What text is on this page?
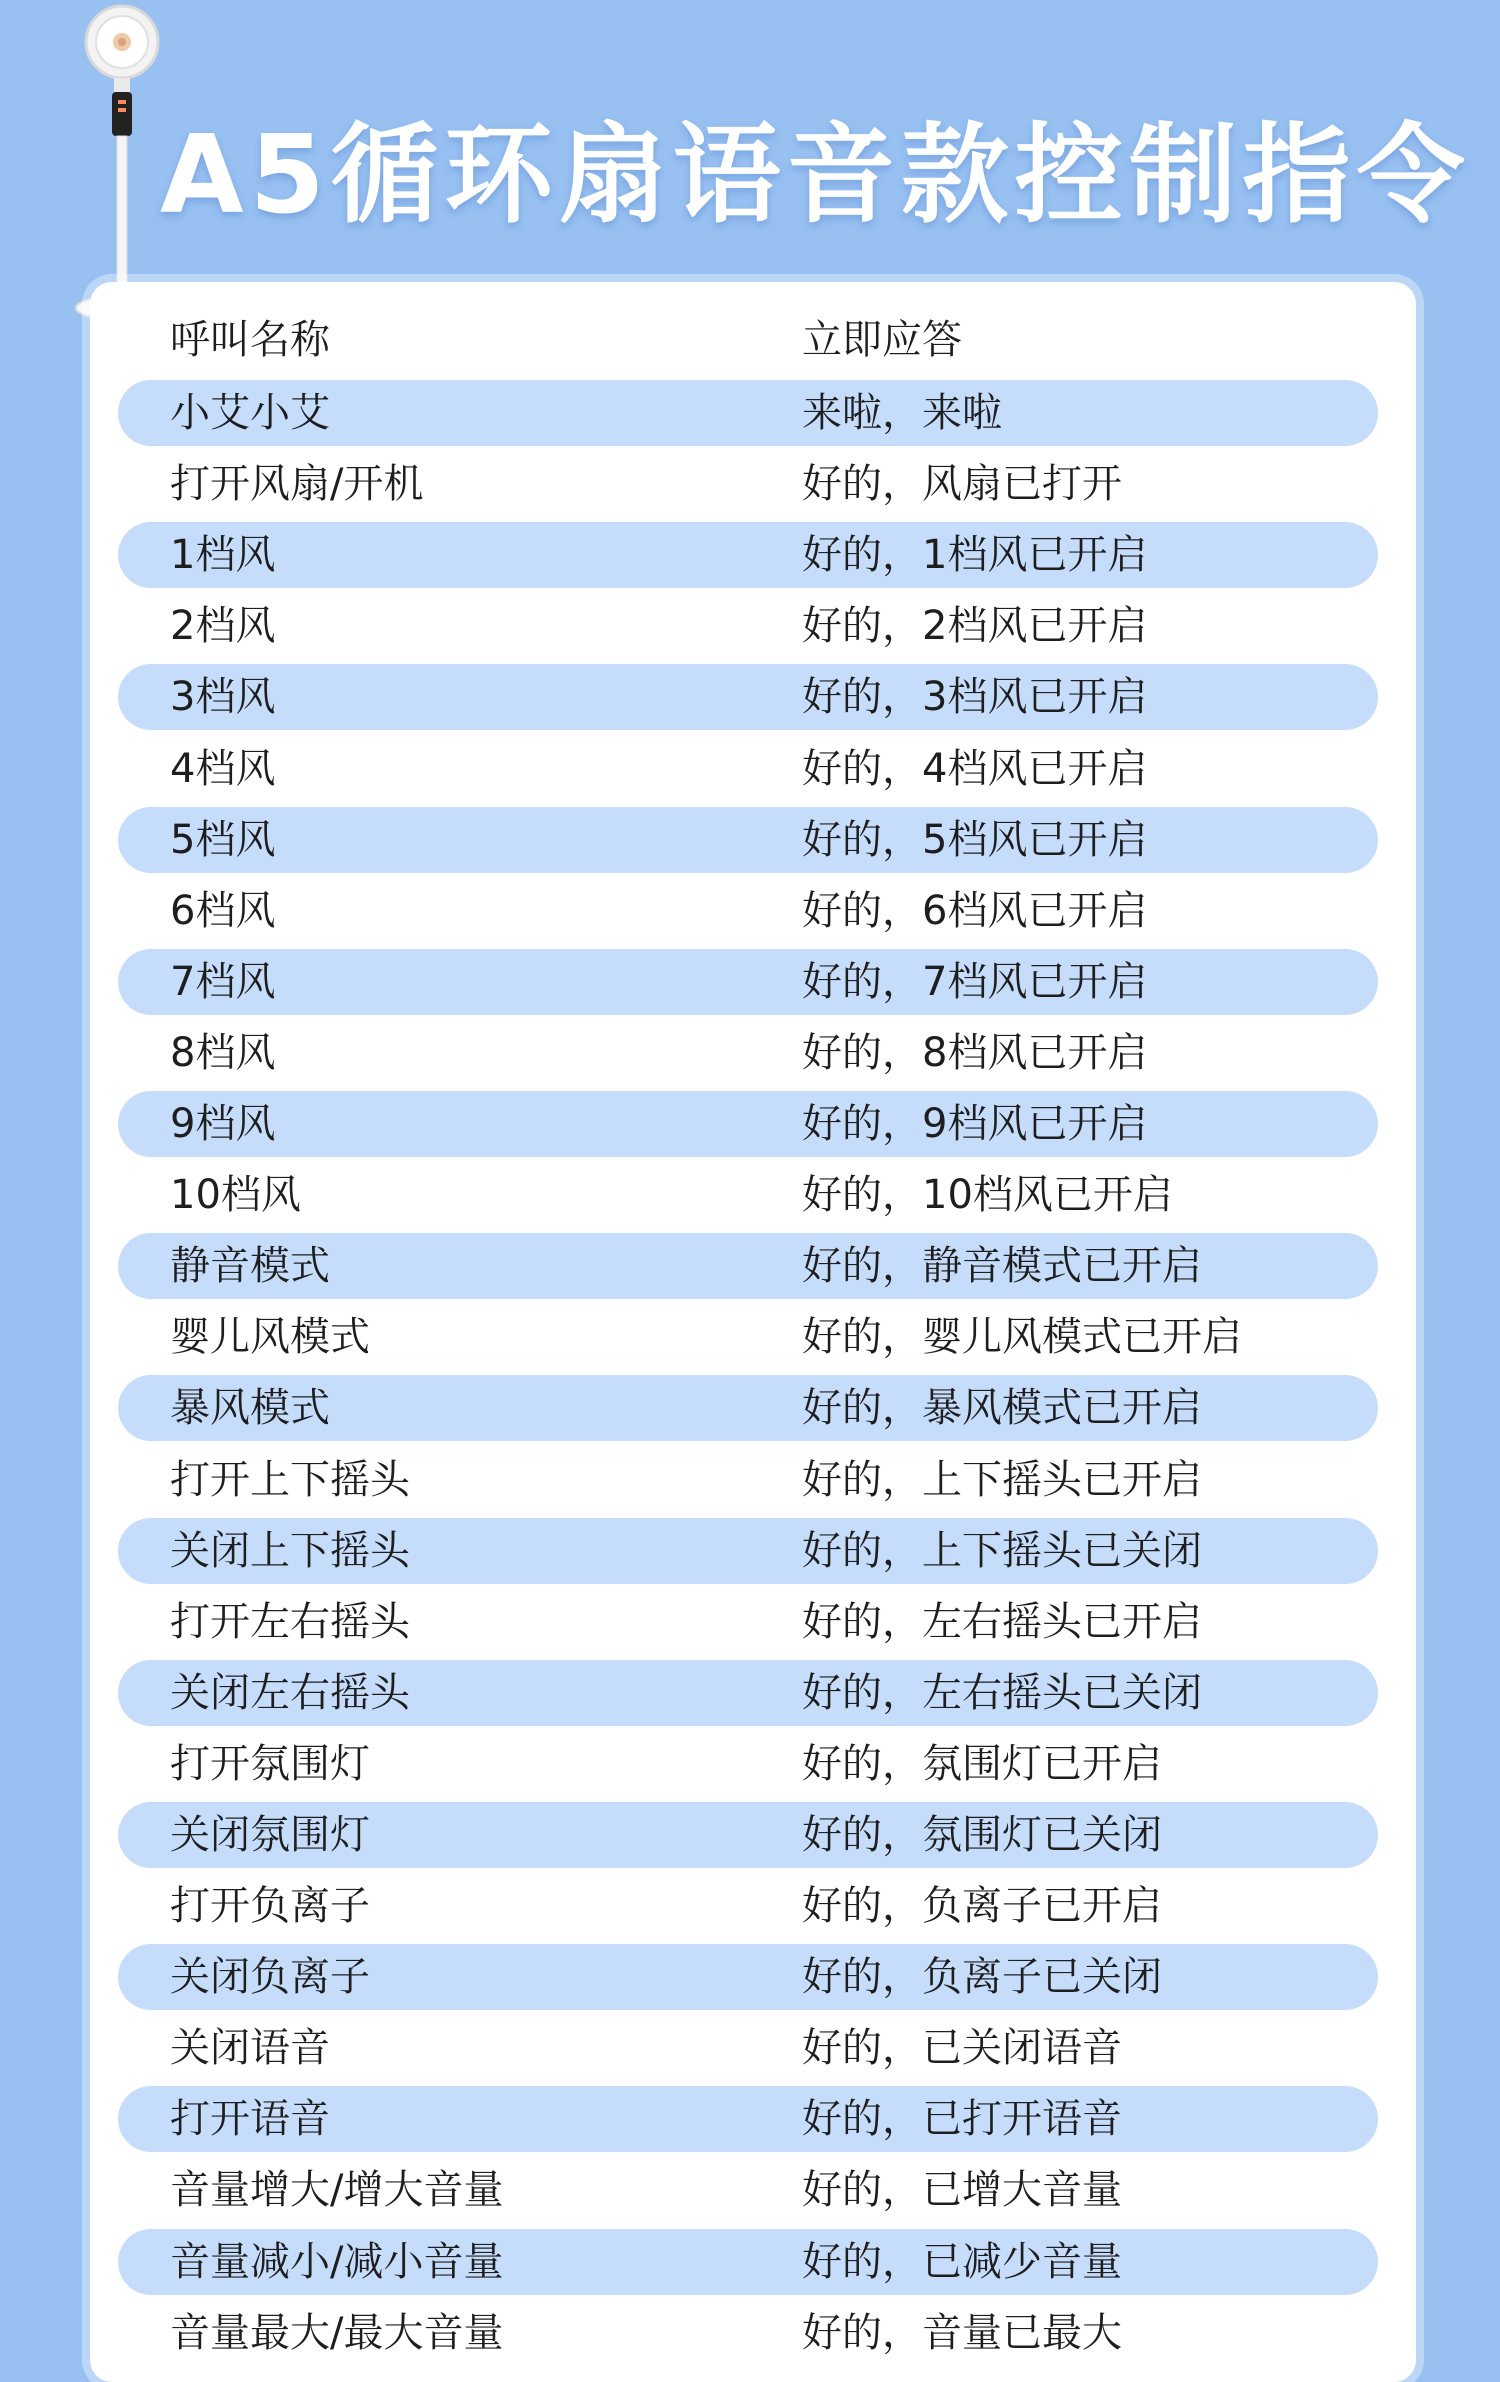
A5循环扇语音款控制指令
呼叫名称	立即应答
小艾小艾	来啦，来啦
打开风扇/开机	好的，风扇已打开
1档风	好的，1档风已开启
2档风	好的，2档风已开启
3档风	好的，3档风已开启
4档风	好的，4档风已开启
5档风	好的，5档风已开启
6档风	好的，6档风已开启
7档风	好的，7档风已开启
8档风	好的，8档风已开启
9档风	好的，9档风已开启
10档风	好的，10档风已开启
静音模式	好的，静音模式已开启
婴儿风模式	好的，婴儿风模式已开启
暴风模式	好的，暴风模式已开启
打开上下摇头	好的，上下摇头已开启
关闭上下摇头	好的，上下摇头已关闭
打开左右摇头	好的，左右摇头已开启
关闭左右摇头	好的，左右摇头已关闭
打开氛围灯	好的，氛围灯已开启
关闭氛围灯	好的，氛围灯已关闭
打开负离子	好的，负离子已开启
关闭负离子	好的，负离子已关闭
关闭语音	好的，已关闭语音
打开语音	好的，已打开语音
音量增大/增大音量	好的，已增大音量
音量减小/减小音量	好的，已减少音量
音量最大/最大音量	好的，音量已最大
